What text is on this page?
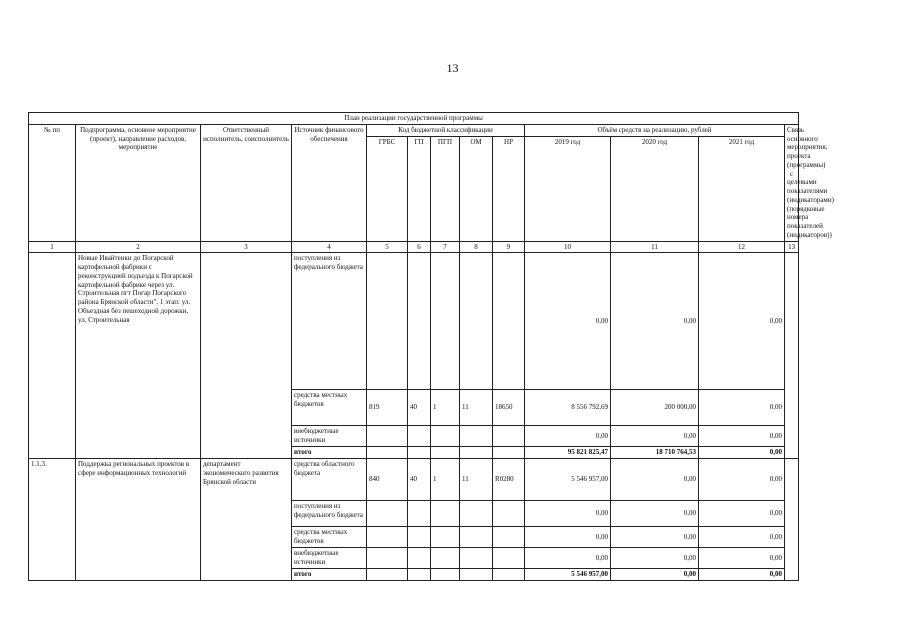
13
План реализации государственной программы												
№ пп	Подпрограмма, основное мероприятие (проект), направление расходов, мероприятие	Ответственный исполнитель, соисполнитель	Источник финансового обеспечения	Код бюджетной классификации					Объём средств на реализацию, рублей			Связь основного мероприятия, проекта (программы) с целевыми показателями (индикаторами) (порядковые номера показателей (индикаторов))
				ГРБС	ГП	ПГП	ОМ	НР	2019 год	2020 год	2021 год	
1	2	3	4	5	6	7	8	9	10	11	12	13
	Новые Ивайтенки до Погарской картофельной фабрики с реконструкцией подъезда к Погарской картофельной фабрике через ул. Строительная пгт Погар Погарского района Брянской области". 1 этап: ул. Объездная без пешеходной дорожки, ул. Строительная		поступления из федерального бюджета						0,00	0,00	0,00	
			средства местных бюджетов	819	40	1	11	18650	8 556 792,69	200 000,00	0,00	
			внебюджетные источники						0,00	0,00	0,00	
			итого						95 821 825,47	18 710 764,53	0,00	
1.1.3.	Поддержка региональных проектов в сфере информационных технологий	департамент экономического развития Брянской области	средства областного бюджета	840	40	1	11	R0280	5 546 957,00	0,00	0,00	
			поступления из федерального бюджета						0,00	0,00	0,00	
			средства местных бюджетов						0,00	0,00	0,00	
			внебюджетные источники						0,00	0,00	0,00	
			итого						5 546 957,00	0,00	0,00	
